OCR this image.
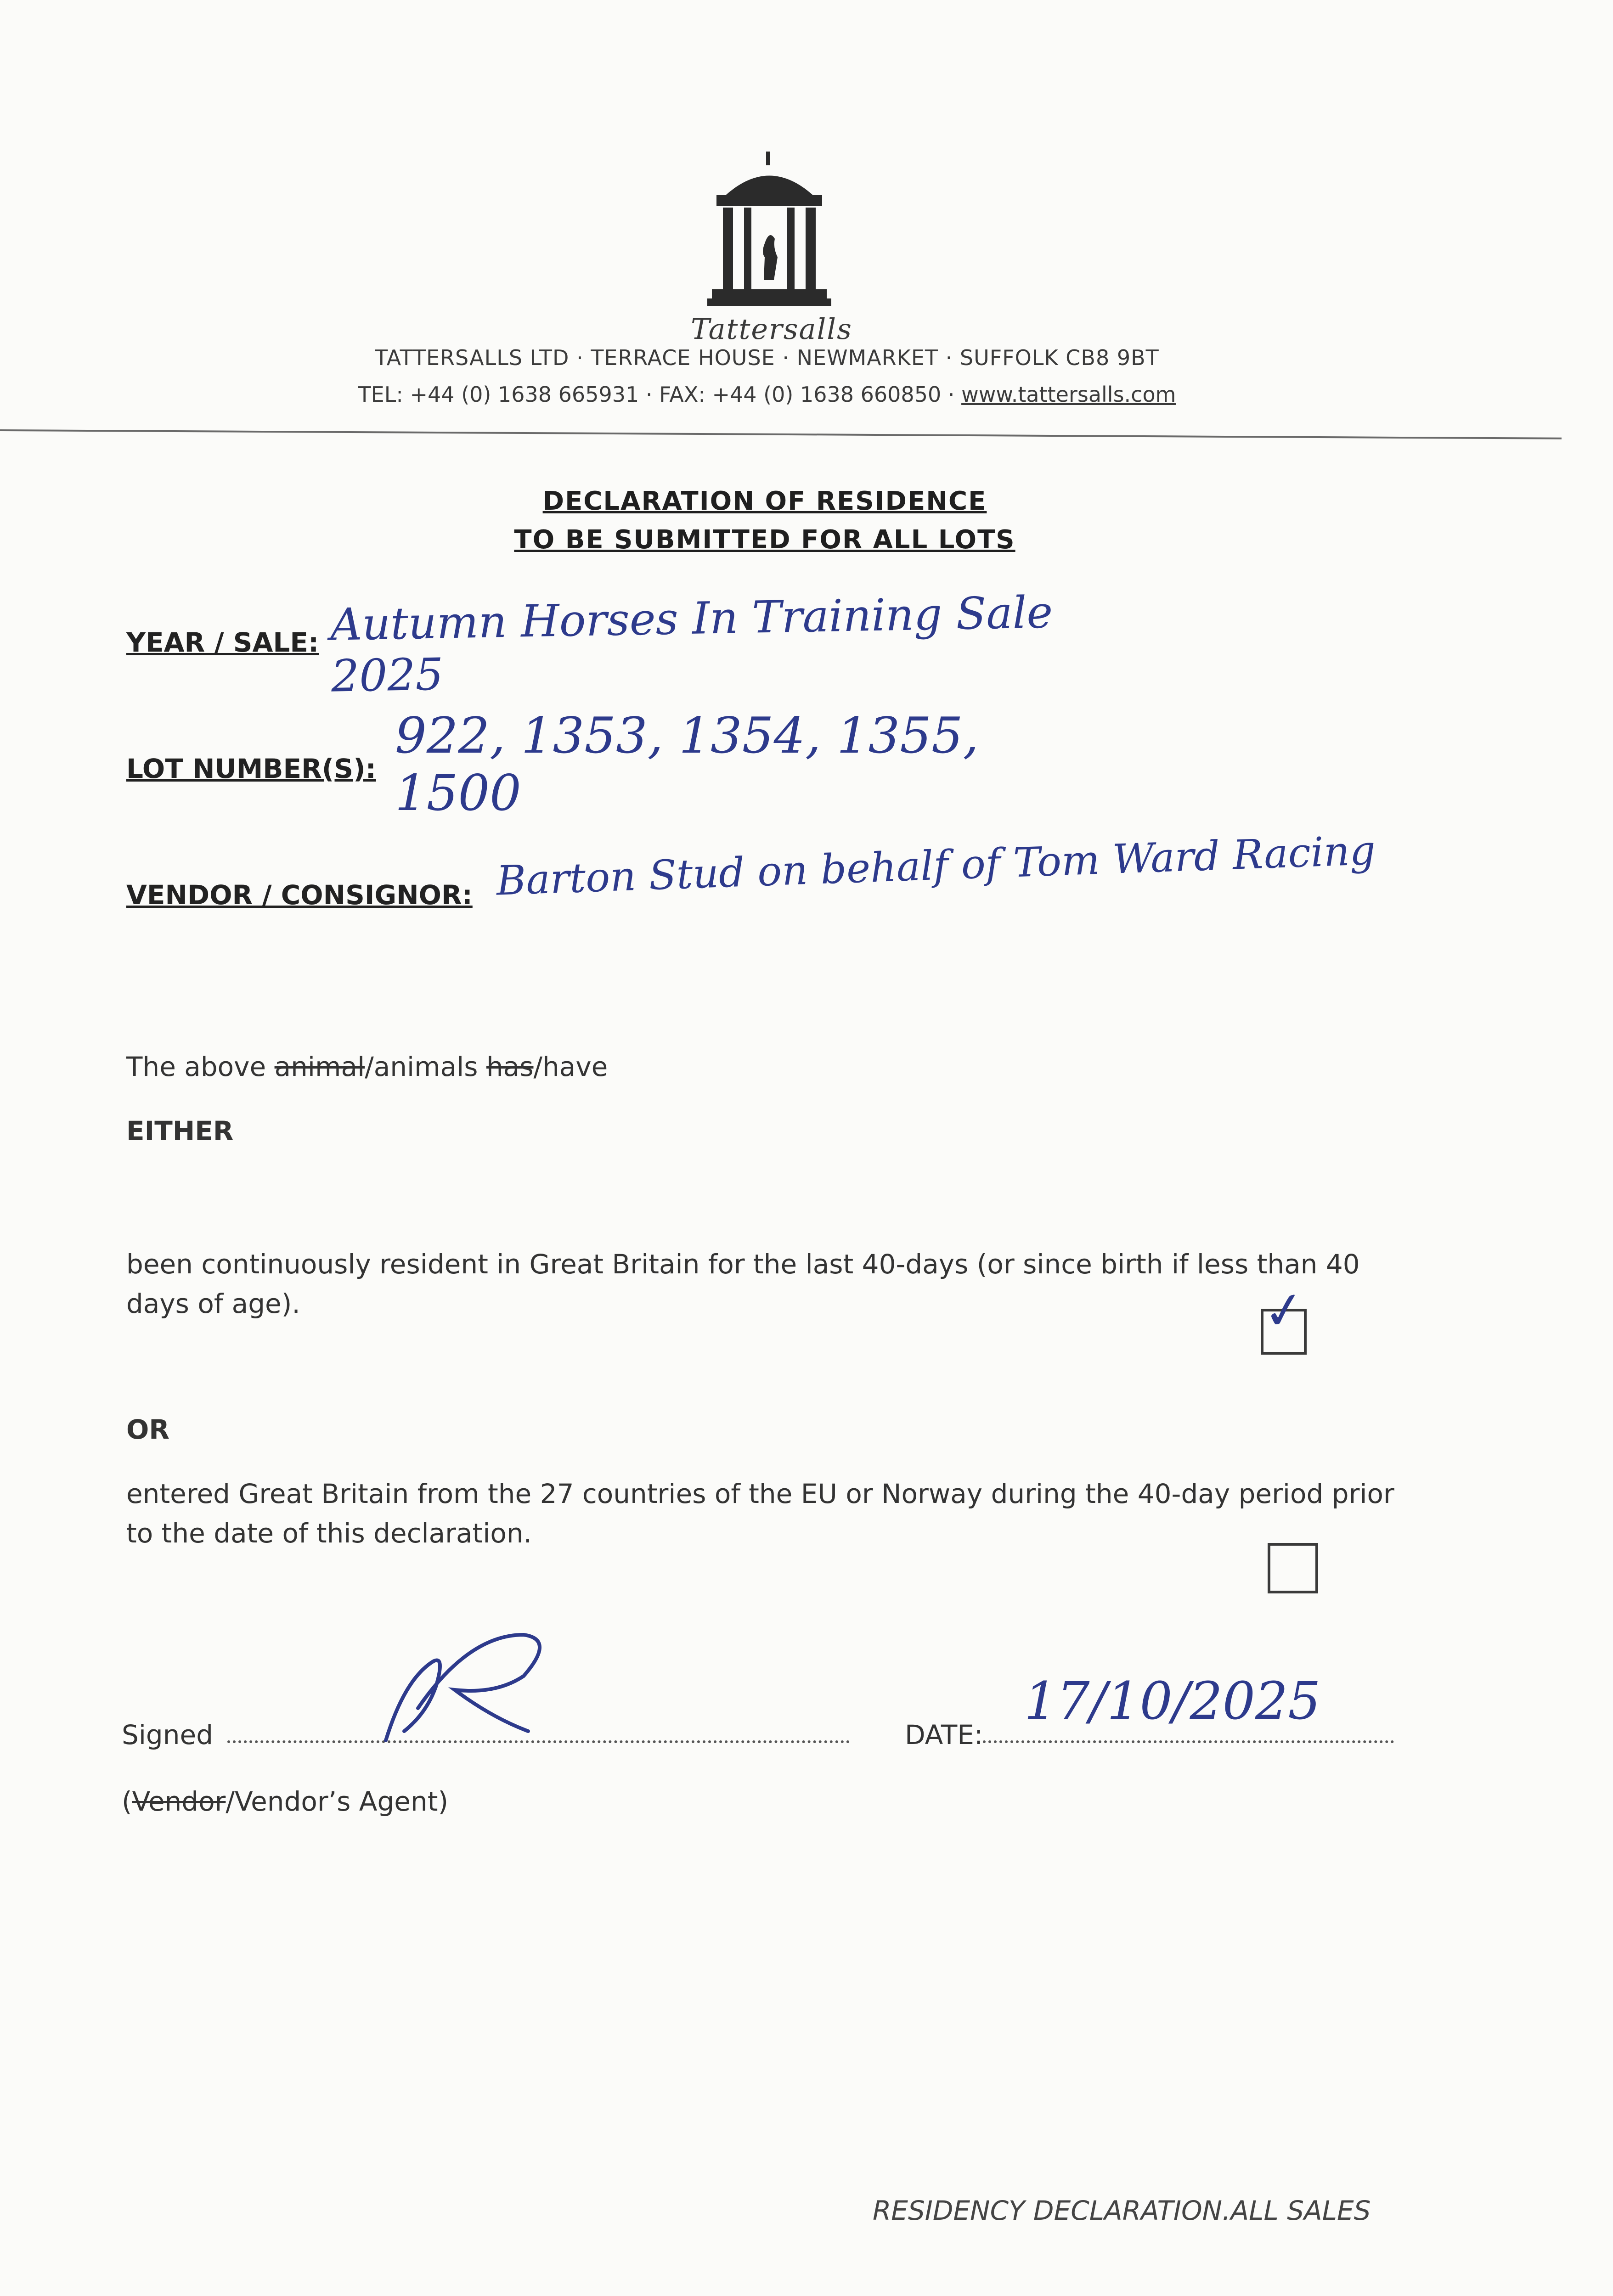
Tattersalls
TATTERSALLS LTD · TERRACE HOUSE · NEWMARKET · SUFFOLK CB8 9BT
TEL: +44 (0) 1638 665931 · FAX: +44 (0) 1638 660850 · www.tattersalls.com
DECLARATION OF RESIDENCE
TO BE SUBMITTED FOR ALL LOTS
YEAR / SALE: Autumn Horses In Training Sale 2025
LOT NUMBER(S):
922, 1353, 1354, 1355, 1500
VENDOR / CONSIGNOR: Barton Stud on behalf of Tom Ward Racing
The above animal/animals has/have
EITHER
been continuously resident in Great Britain for the last 40-days (or since birth if less than 40 days of age).	✓
OR
entered Great Britain from the 27 countries of the EU or Norway during the 40-day period prior to the date of this declaration.
Signed	DATE:
17/10/2025
(Vendor/Vendor’s Agent)
RESIDENCY DECLARATION.ALL SALES
